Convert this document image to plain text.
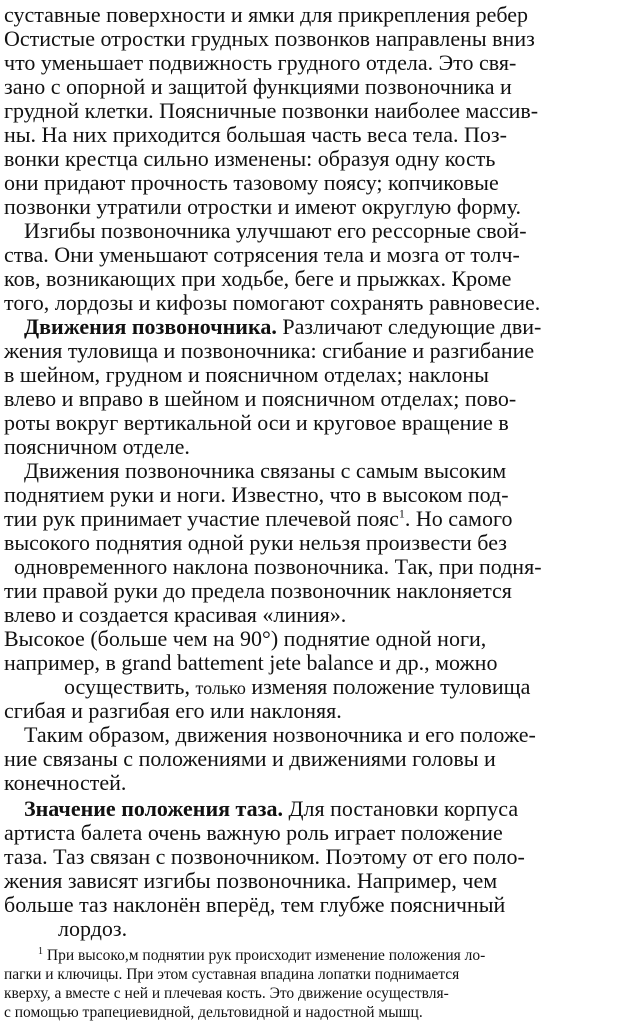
суставные поверхности и ямки для прикрепления ребер
Остистые отростки грудных позвонков направлены вниз
что уменьшает подвижность грудного отдела. Это свя-
зано с опорной и защитой функциями позвоночника и
грудной клетки. Поясничные позвонки наиболее массив-
ны. На них приходится большая часть веса тела. Поз-
вонки крестца сильно изменены: образуя одну кость
они придают прочность тазовому поясу; копчиковые
позвонки утратили отростки и имеют округлую форму.
Изгибы позвоночника улучшают его рессорные свой-
ства. Они уменьшают сотрясения тела и мозга от толч-
ков, возникающих при ходьбе, беге и прыжках. Кроме
того, лордозы и кифозы помогают сохранять равновесие.
Движения позвоночника. Различают следующие дви-
жения туловища и позвоночника: сгибание и разгибание
в шейном, грудном и поясничном отделах; наклоны
влево и вправо в шейном и поясничном отделах; пово-
роты вокруг вертикальной оси и круговое вращение в
поясничном отделе.
Движения позвоночника связаны с самым высоким
поднятием руки и ноги. Известно, что в высоком под-
тии рук принимает участие плечевой пояс$^1$. Но самого
высокого поднятия одной руки нельзя произвести без
одновременного наклона позвоночника. Так, при подня-
тии правой руки до предела позвоночник наклоняется
влево и создается красивая «линия».
Высокое (больше чем на 90°) поднятие одной ноги,
например, в grand battement jete balance и др., можно
осуществить, только изменяя положение туловища
сгибая и разгибая его или наклоняя.
Таким образом, движения нозвоночника и его положе-
ние связаны с положениями и движениями головы и
конечностей.
Значение положения таза. Для постановки корпуса
артиста балета очень важную роль играет положение
таза. Таз связан с позвоночником. Поэтому от его поло-
жения зависят изгибы позвоночника. Например, чем
больше таз наклонён вперёд, тем глубже поясничный
лордоз.
$^1$ При высоко,м поднятии рук происходит изменение положения ло-
пагки и ключицы. При этом суставная впадина лопатки поднимается
кверху, а вместе с ней и плечевая кость. Это движение осуществля-
с помощью трапециевидной, дельтовидной и надостной мышц.
